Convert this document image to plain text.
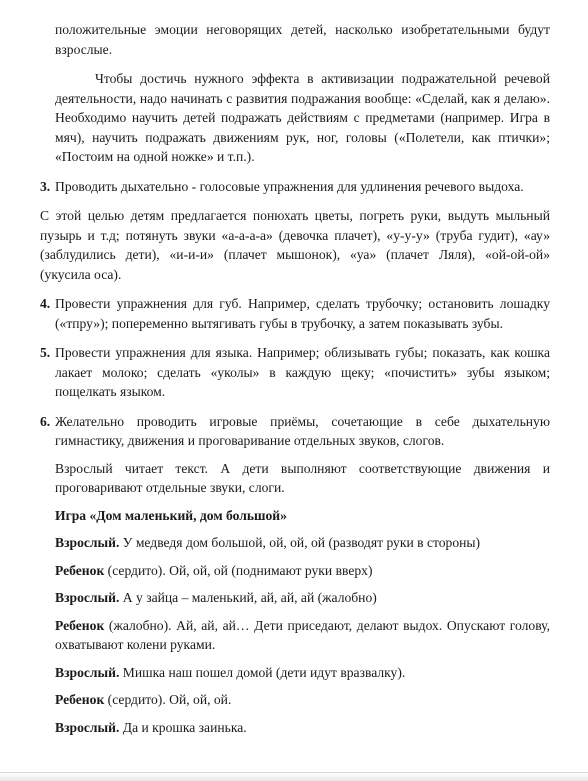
положительные эмоции неговорящих детей, насколько изобретательными будут взрослые.

Чтобы достичь нужного эффекта в активизации подражательной речевой деятельности, надо начинать с развития подражания вообще: «Сделай, как я делаю». Необходимо научить детей подражать действиям с предметами (например. Игра в мяч), научить подражать движениям рук, ног, головы («Полетели, как птички»; «Постоим на одной ножке» и т.п.).

3. Проводить дыхательно - голосовые упражнения для удлинения речевого выдоха.

С этой целью детям предлагается понюхать цветы, погреть руки, выдуть мыльный пузырь и т.д; потянуть звуки «а-а-а-а» (девочка плачет), «у-у-у» (труба гудит), «ау» (заблудились дети), «и-и-и» (плачет мышонок), «уа» (плачет Ляля), «ой-ой-ой» (укусила оса).

4. Провести упражнения для губ. Например, сделать трубочку; остановить лошадку («тпру»); попеременно вытягивать губы в трубочку, а затем показывать зубы.

5. Провести упражнения для языка. Например; облизывать губы; показать, как кошка лакает молоко; сделать «уколы» в каждую щеку; «почистить» зубы языком; пощелкать языком.

6. Желательно проводить игровые приёмы, сочетающие в себе дыхательную гимнастику, движения и проговаривание отдельных звуков, слогов.

Взрослый читает текст. А дети выполняют соответствующие движения и проговаривают отдельные звуки, слоги.

Игра «Дом маленький, дом большой»

Взрослый. У медведя дом большой, ой, ой, ой (разводят руки в стороны)

Ребенок (сердито). Ой, ой, ой (поднимают руки вверх)

Взрослый. А у зайца – маленький, ай, ай, ай (жалобно)

Ребенок (жалобно). Ай, ай, ай… Дети приседают, делают выдох. Опускают голову, охватывают колени руками.

Взрослый. Мишка наш пошел домой (дети идут вразвалку).

Ребенок (сердито). Ой, ой, ой.

Взрослый. Да и крошка заинька.
